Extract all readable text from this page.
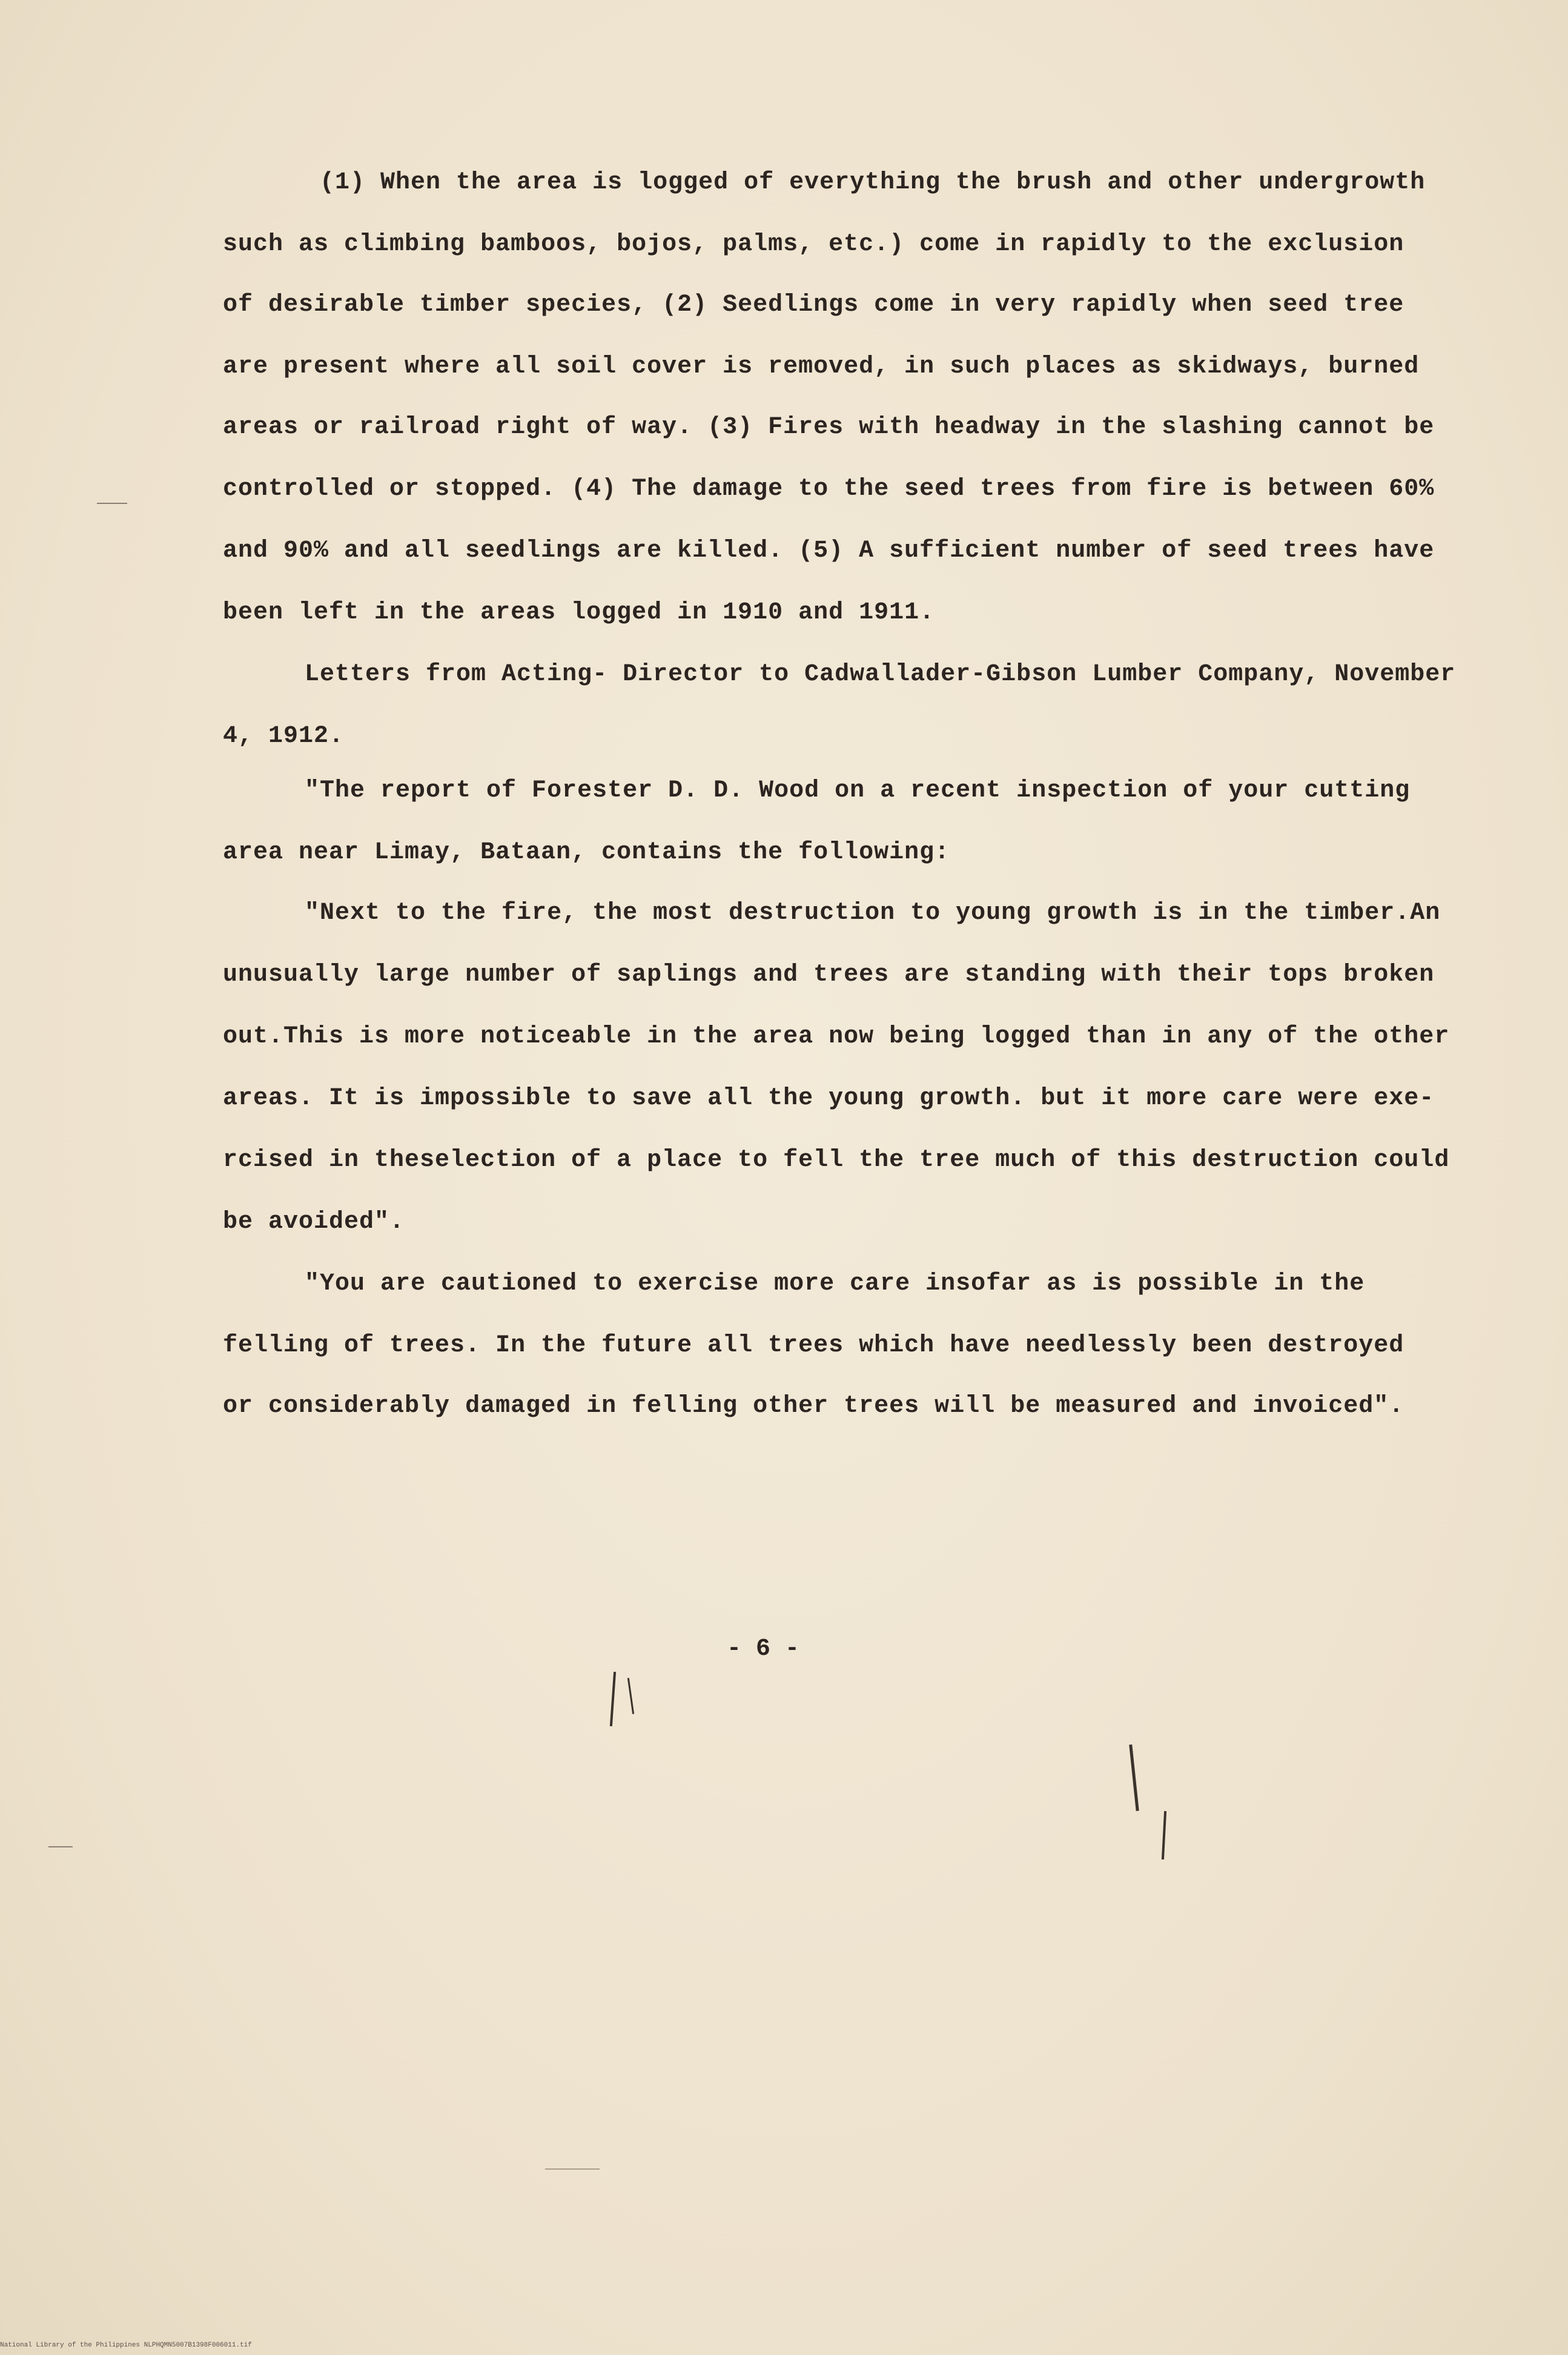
(1) When the area is logged of everything the brush and other undergrowth
such as climbing bamboos, bojos, palms, etc.) come in rapidly to the exclusion
of desirable timber species, (2) Seedlings come in very rapidly when seed tree
are present where all soil cover is removed, in such places as skidways, burned
areas or railroad right of way. (3) Fires with headway in the slashing cannot be
controlled or stopped. (4) The damage to the seed trees from fire is between 60%
and 90% and all seedlings are killed. (5) A sufficient number of seed trees have
been left in the areas logged in 1910 and 1911.
Letters from Acting- Director to Cadwallader-Gibson Lumber Company, November
4, 1912.
"The report of Forester D. D. Wood on a recent inspection of your cutting
area near Limay, Bataan, contains the following:
"Next to the fire, the most destruction to young growth is in the timber.An
unusually large number of saplings and trees are standing with their tops broken
out.This is more noticeable in the area now being logged than in any of the other
areas. It is impossible to save all the young growth. but it more care were exe-
rcised in theselection of a place to fell the tree much of this destruction could
be avoided".
"You are cautioned to exercise more care insofar as is possible in the
felling of trees. In the future all trees which have needlessly been destroyed
or considerably damaged in felling other trees will be measured and invoiced".
- 6 -
National Library of the Philippines NLPHQMN5007B1398F006011.tif
